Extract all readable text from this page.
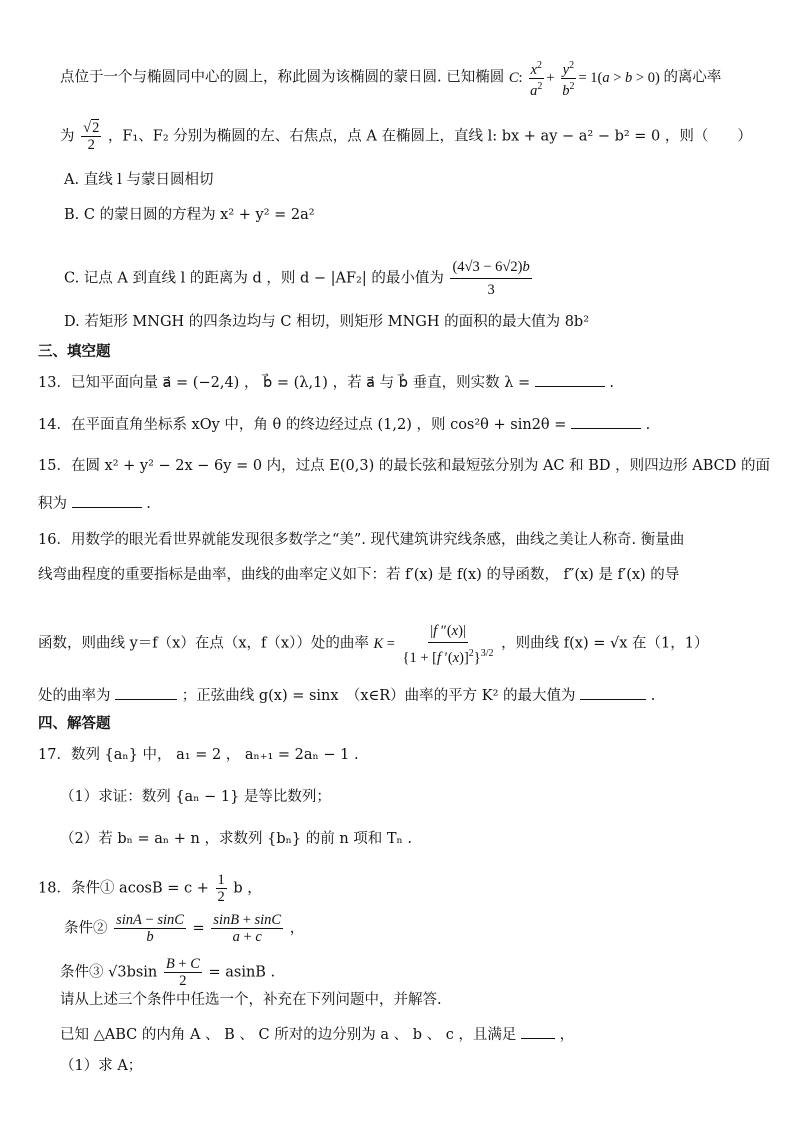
点位于一个与椭圆同中心的圆上，称此圆为该椭圆的蒙日圆. 已知椭圆 C: $\frac{x^2}{a^2} + \frac{y^2}{b^2} = 1(a > b > 0)$ 的离心率
为 $\frac{√2}{2}$ ，F₁、F₂ 分别为椭圆的左、右焦点，点 A 在椭圆上，直线 l: bx + ay − a² − b² = 0 ，则（　　）
A. 直线 l 与蒙日圆相切
B. C 的蒙日圆的方程为 x² + y² = 2a²
C. 记点 A 到直线 l 的距离为 d ，则 d − |AF₂| 的最小值为 $\frac{(4√3 - 6√2)b}{3}$
D. 若矩形 MNGH 的四条边均与 C 相切，则矩形 MNGH 的面积的最大值为 8b²
三、填空题
13．已知平面向量 a⃗ = (−2,4) ， b⃗ = (λ,1) ，若 a⃗ 与 b⃗ 垂直，则实数 λ =	.
14．在平面直角坐标系 xOy 中，角 θ 的终边经过点 (1,2) ，则 cos²θ + sin2θ =	.
15．在圆 x² + y² − 2x − 6y = 0 内，过点 E(0,3) 的最长弦和最短弦分别为 AC 和 BD ，则四边形 ABCD 的面
积为	.
16．用数学的眼光看世界就能发现很多数学之“美”. 现代建筑讲究线条感，曲线之美让人称奇. 衡量曲
线弯曲程度的重要指标是曲率，曲线的曲率定义如下：若 f′(x) 是 f(x) 的导函数， f″(x) 是 f′(x) 的导
函数，则曲线 y＝f（x）在点（x，f（x））处的曲率 $K = \frac{|f ''(x)|}{\{1 + [f '(x)]^2\}^{3/2}}$ ，则曲线 f(x) = √x 在（1，1）
处的曲率为	；正弦曲线 g(x) = sinx　（x∈R）曲率的平方 K² 的最大值为	.
四、解答题
17．数列 {aₙ} 中， a₁ = 2 ， aₙ₊₁ = 2aₙ − 1 .
（1）求证：数列 {aₙ − 1} 是等比数列；
（2）若 bₙ = aₙ + n ，求数列 {bₙ} 的前 n 项和 Tₙ .
18．条件① $acosB = c + \frac{1}{2}$ b ，
条件② $\frac{\sin A - \sin C}{b} = \frac{\sin B + \sin C}{a + c}$ ，
条件③ $√3bsin \frac{B + C}{2} = asinB$ .
请从上述三个条件中任选一个，补充在下列问题中，并解答.
已知 △ABC 的内角 A 、 B 、 C 所对的边分别为 a 、 b 、 c ，且满足	，
（1）求 A；
